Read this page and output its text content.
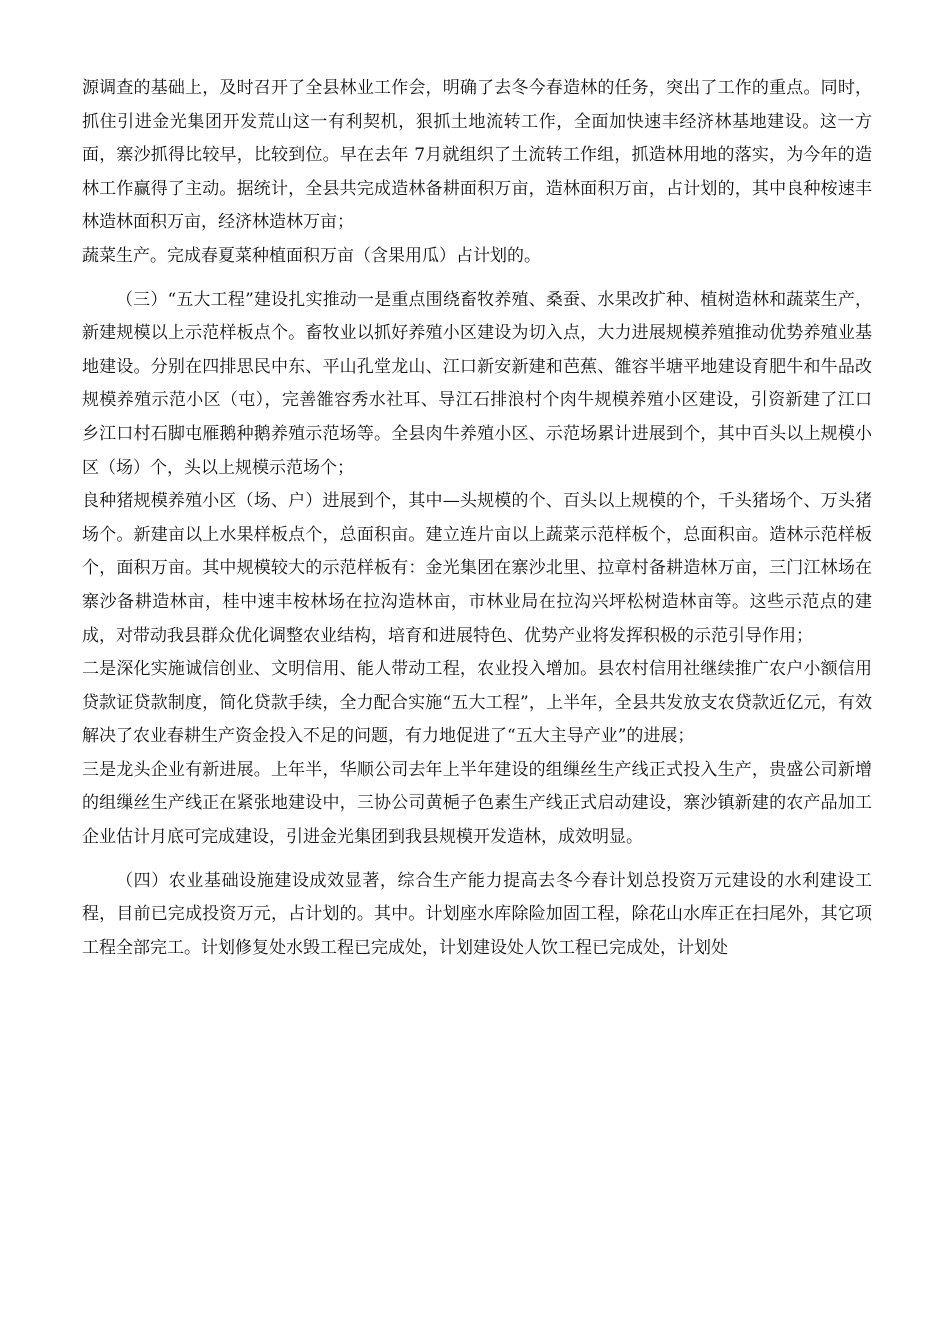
源调查的基础上，及时召开了全县林业工作会，明确了去冬今春造林的任务，突出了工作的重点。同时，抓住引进金光集团开发荒山这一有利契机，狠抓土地流转工作，全面加快速丰经济林基地建设。这一方面，寨沙抓得比较早，比较到位。早在去年 7月就组织了土流转工作组，抓造林用地的落实，为今年的造林工作赢得了主动。据统计，全县共完成造林备耕面积万亩，造林面积万亩，占计划的，其中良种桉速丰林造林面积万亩，经济林造林万亩；

蔬菜生产。完成春夏菜种植面积万亩（含果用瓜）占计划的。

（三）“五大工程”建设扎实推动一是重点围绕畜牧养殖、桑蚕、水果改扩种、植树造林和蔬菜生产，新建规模以上示范样板点个。畜牧业以抓好养殖小区建设为切入点，大力进展规模养殖推动优势养殖业基地建设。分别在四排思民中东、平山孔堂龙山、江口新安新建和芭蕉、雒容半塘平地建设育肥牛和牛品改规模养殖示范小区（屯），完善雒容秀水社耳、导江石排浪村个肉牛规模养殖小区建设，引资新建了江口乡江口村石脚屯雁鹅种鹅养殖示范场等。全县肉牛养殖小区、示范场累计进展到个，其中百头以上规模小区（场）个，头以上规模示范场个；

良种猪规模养殖小区（场、户）进展到个，其中—头规模的个、百头以上规模的个，千头猪场个、万头猪场个。新建亩以上水果样板点个，总面积亩。建立连片亩以上蔬菜示范样板个，总面积亩。造林示范样板个，面积万亩。其中规模较大的示范样板有：金光集团在寨沙北里、拉章村备耕造林万亩，三门江林场在寨沙备耕造林亩，桂中速丰桉林场在拉沟造林亩，市林业局在拉沟兴坪松树造林亩等。这些示范点的建成，对带动我县群众优化调整农业结构，培育和进展特色、优势产业将发挥积极的示范引导作用；

二是深化实施诚信创业、文明信用、能人带动工程，农业投入增加。县农村信用社继续推广农户小额信用贷款证贷款制度，简化贷款手续，全力配合实施“五大工程”，上半年，全县共发放支农贷款近亿元，有效解决了农业春耕生产资金投入不足的问题，有力地促进了“五大主导产业”的进展；

三是龙头企业有新进展。上年半，华顺公司去年上半年建设的组缫丝生产线正式投入生产，贵盛公司新增的组缫丝生产线正在紧张地建设中，三协公司黄梔子色素生产线正式启动建设，寨沙镇新建的农产品加工企业估计月底可完成建设，引进金光集团到我县规模开发造林，成效明显。

（四）农业基础设施建设成效显著，综合生产能力提高去冬今春计划总投资万元建设的水利建设工程，目前已完成投资万元，占计划的。其中。计划座水库除险加固工程，除花山水库正在扫尾外，其它项工程全部完工。计划修复处水毁工程已完成处，计划建设处人饮工程已完成处，计划处
